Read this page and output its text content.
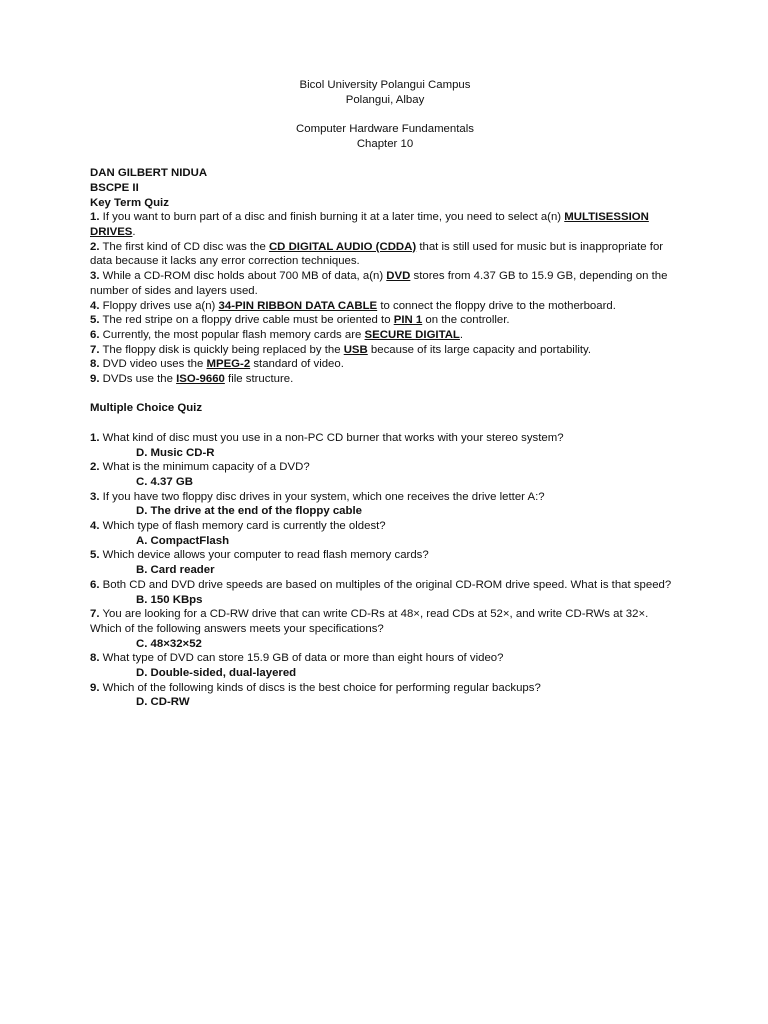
Bicol University Polangui Campus
Polangui, Albay
Computer Hardware Fundamentals
Chapter 10
DAN GILBERT NIDUA
BSCPE II
Key Term Quiz
1. If you want to burn part of a disc and finish burning it at a later time, you need to select a(n) MULTISESSION DRIVES.
2. The first kind of CD disc was the CD DIGITAL AUDIO (CDDA) that is still used for music but is inappropriate for data because it lacks any error correction techniques.
3. While a CD-ROM disc holds about 700 MB of data, a(n) DVD stores from 4.37 GB to 15.9 GB, depending on the number of sides and layers used.
4. Floppy drives use a(n) 34-PIN RIBBON DATA CABLE to connect the floppy drive to the motherboard.
5. The red stripe on a floppy drive cable must be oriented to PIN 1 on the controller.
6. Currently, the most popular flash memory cards are SECURE DIGITAL.
7. The floppy disk is quickly being replaced by the USB because of its large capacity and portability.
8. DVD video uses the MPEG-2 standard of video.
9. DVDs use the ISO-9660 file structure.
Multiple Choice Quiz
1. What kind of disc must you use in a non-PC CD burner that works with your stereo system?
D. Music CD-R
2. What is the minimum capacity of a DVD?
C. 4.37 GB
3. If you have two floppy disc drives in your system, which one receives the drive letter A:?
D. The drive at the end of the floppy cable
4. Which type of flash memory card is currently the oldest?
A. CompactFlash
5. Which device allows your computer to read flash memory cards?
B. Card reader
6. Both CD and DVD drive speeds are based on multiples of the original CD-ROM drive speed. What is that speed?
B. 150 KBps
7. You are looking for a CD-RW drive that can write CD-Rs at 48×, read CDs at 52×, and write CD-RWs at 32×. Which of the following answers meets your specifications?
C. 48×32×52
8. What type of DVD can store 15.9 GB of data or more than eight hours of video?
D. Double-sided, dual-layered
9. Which of the following kinds of discs is the best choice for performing regular backups?
D. CD-RW
